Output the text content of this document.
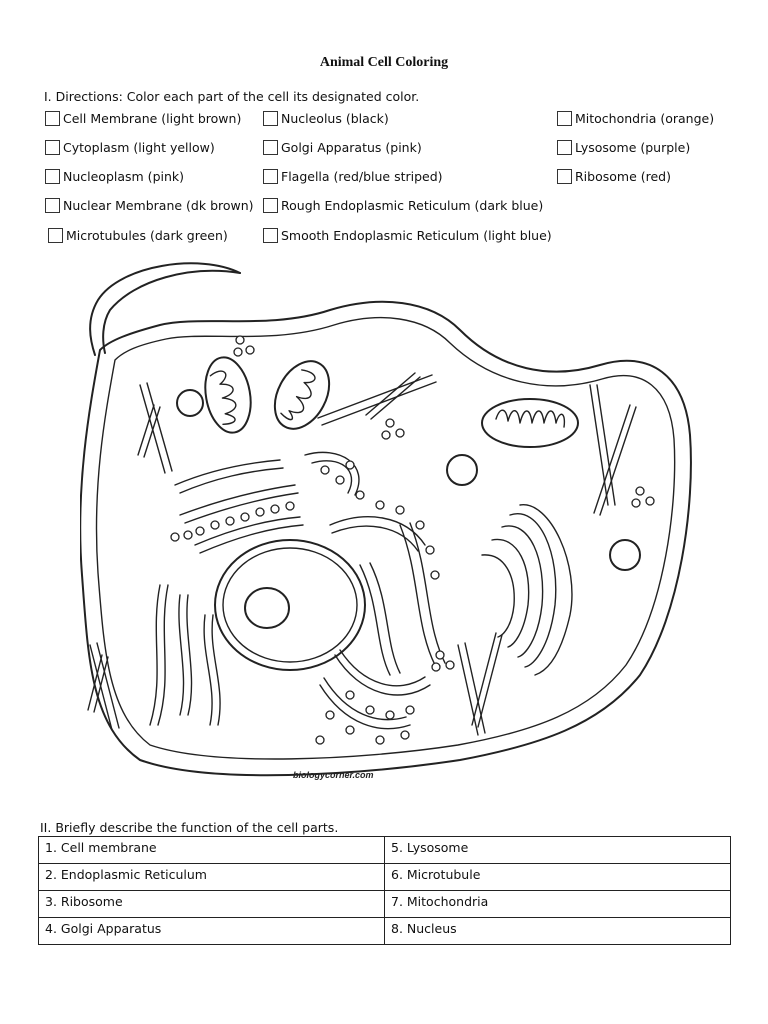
Animal Cell Coloring
I. Directions: Color each part of the cell its designated color.
Cell Membrane (light brown)
Cytoplasm (light yellow)
Nucleoplasm (pink)
Nuclear Membrane (dk brown)
Microtubules (dark green)
Nucleolus (black)
Golgi Apparatus (pink)
Flagella (red/blue striped)
Rough Endoplasmic Reticulum (dark blue)
Smooth Endoplasmic Reticulum (light blue)
Mitochondria (orange)
Lysosome (purple)
Ribosome (red)
biologycorner.com
II. Briefly describe the function of the cell parts.
1. Cell membrane	5. Lysosome
2. Endoplasmic Reticulum	6. Microtubule
3. Ribosome	7. Mitochondria
4. Golgi Apparatus	8. Nucleus
